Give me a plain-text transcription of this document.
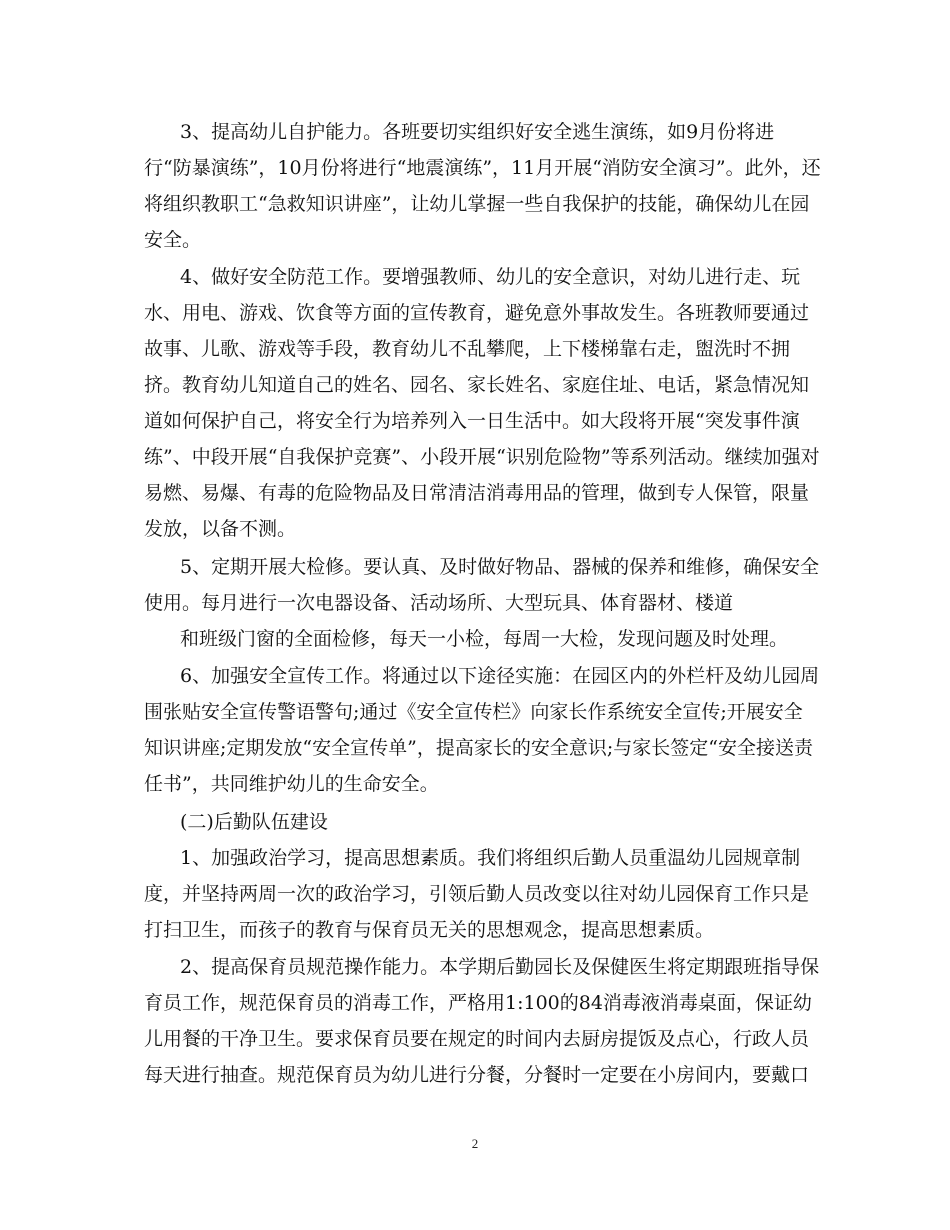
3、提高幼儿自护能力。各班要切实组织好安全逃生演练，如9月份将进

行“防暴演练”，10月份将进行“地震演练”，11月开展“消防安全演习”。此外，还

将组织教职工“急救知识讲座”，让幼儿掌握一些自我保护的技能，确保幼儿在园

安全。

4、做好安全防范工作。要增强教师、幼儿的安全意识，对幼儿进行走、玩

水、用电、游戏、饮食等方面的宣传教育，避免意外事故发生。各班教师要通过

故事、儿歌、游戏等手段，教育幼儿不乱攀爬，上下楼梯靠右走，盥洗时不拥

挤。教育幼儿知道自己的姓名、园名、家长姓名、家庭住址、电话，紧急情况知

道如何保护自己，将安全行为培养列入一日生活中。如大段将开展“突发事件演

练”、中段开展“自我保护竞赛”、小段开展“识别危险物”等系列活动。继续加强对

易燃、易爆、有毒的危险物品及日常清洁消毒用品的管理，做到专人保管，限量

发放，以备不测。

5、定期开展大检修。要认真、及时做好物品、器械的保养和维修，确保安全

使用。每月进行一次电器设备、活动场所、大型玩具、体育器材、楼道

和班级门窗的全面检修，每天一小检，每周一大检，发现问题及时处理。

6、加强安全宣传工作。将通过以下途径实施：在园区内的外栏杆及幼儿园周

围张贴安全宣传警语警句;通过《安全宣传栏》向家长作系统安全宣传;开展安全

知识讲座;定期发放“安全宣传单”，提高家长的安全意识;与家长签定“安全接送责

任书”，共同维护幼儿的生命安全。

(二)后勤队伍建设

1、加强政治学习，提高思想素质。我们将组织后勤人员重温幼儿园规章制

度，并坚持两周一次的政治学习，引领后勤人员改变以往对幼儿园保育工作只是

打扫卫生，而孩子的教育与保育员无关的思想观念，提高思想素质。

2、提高保育员规范操作能力。本学期后勤园长及保健医生将定期跟班指导保

育员工作，规范保育员的消毒工作，严格用1:100的84消毒液消毒桌面，保证幼

儿用餐的干净卫生。要求保育员要在规定的时间内去厨房提饭及点心，行政人员

每天进行抽查。规范保育员为幼儿进行分餐，分餐时一定要在小房间内，要戴口

2
